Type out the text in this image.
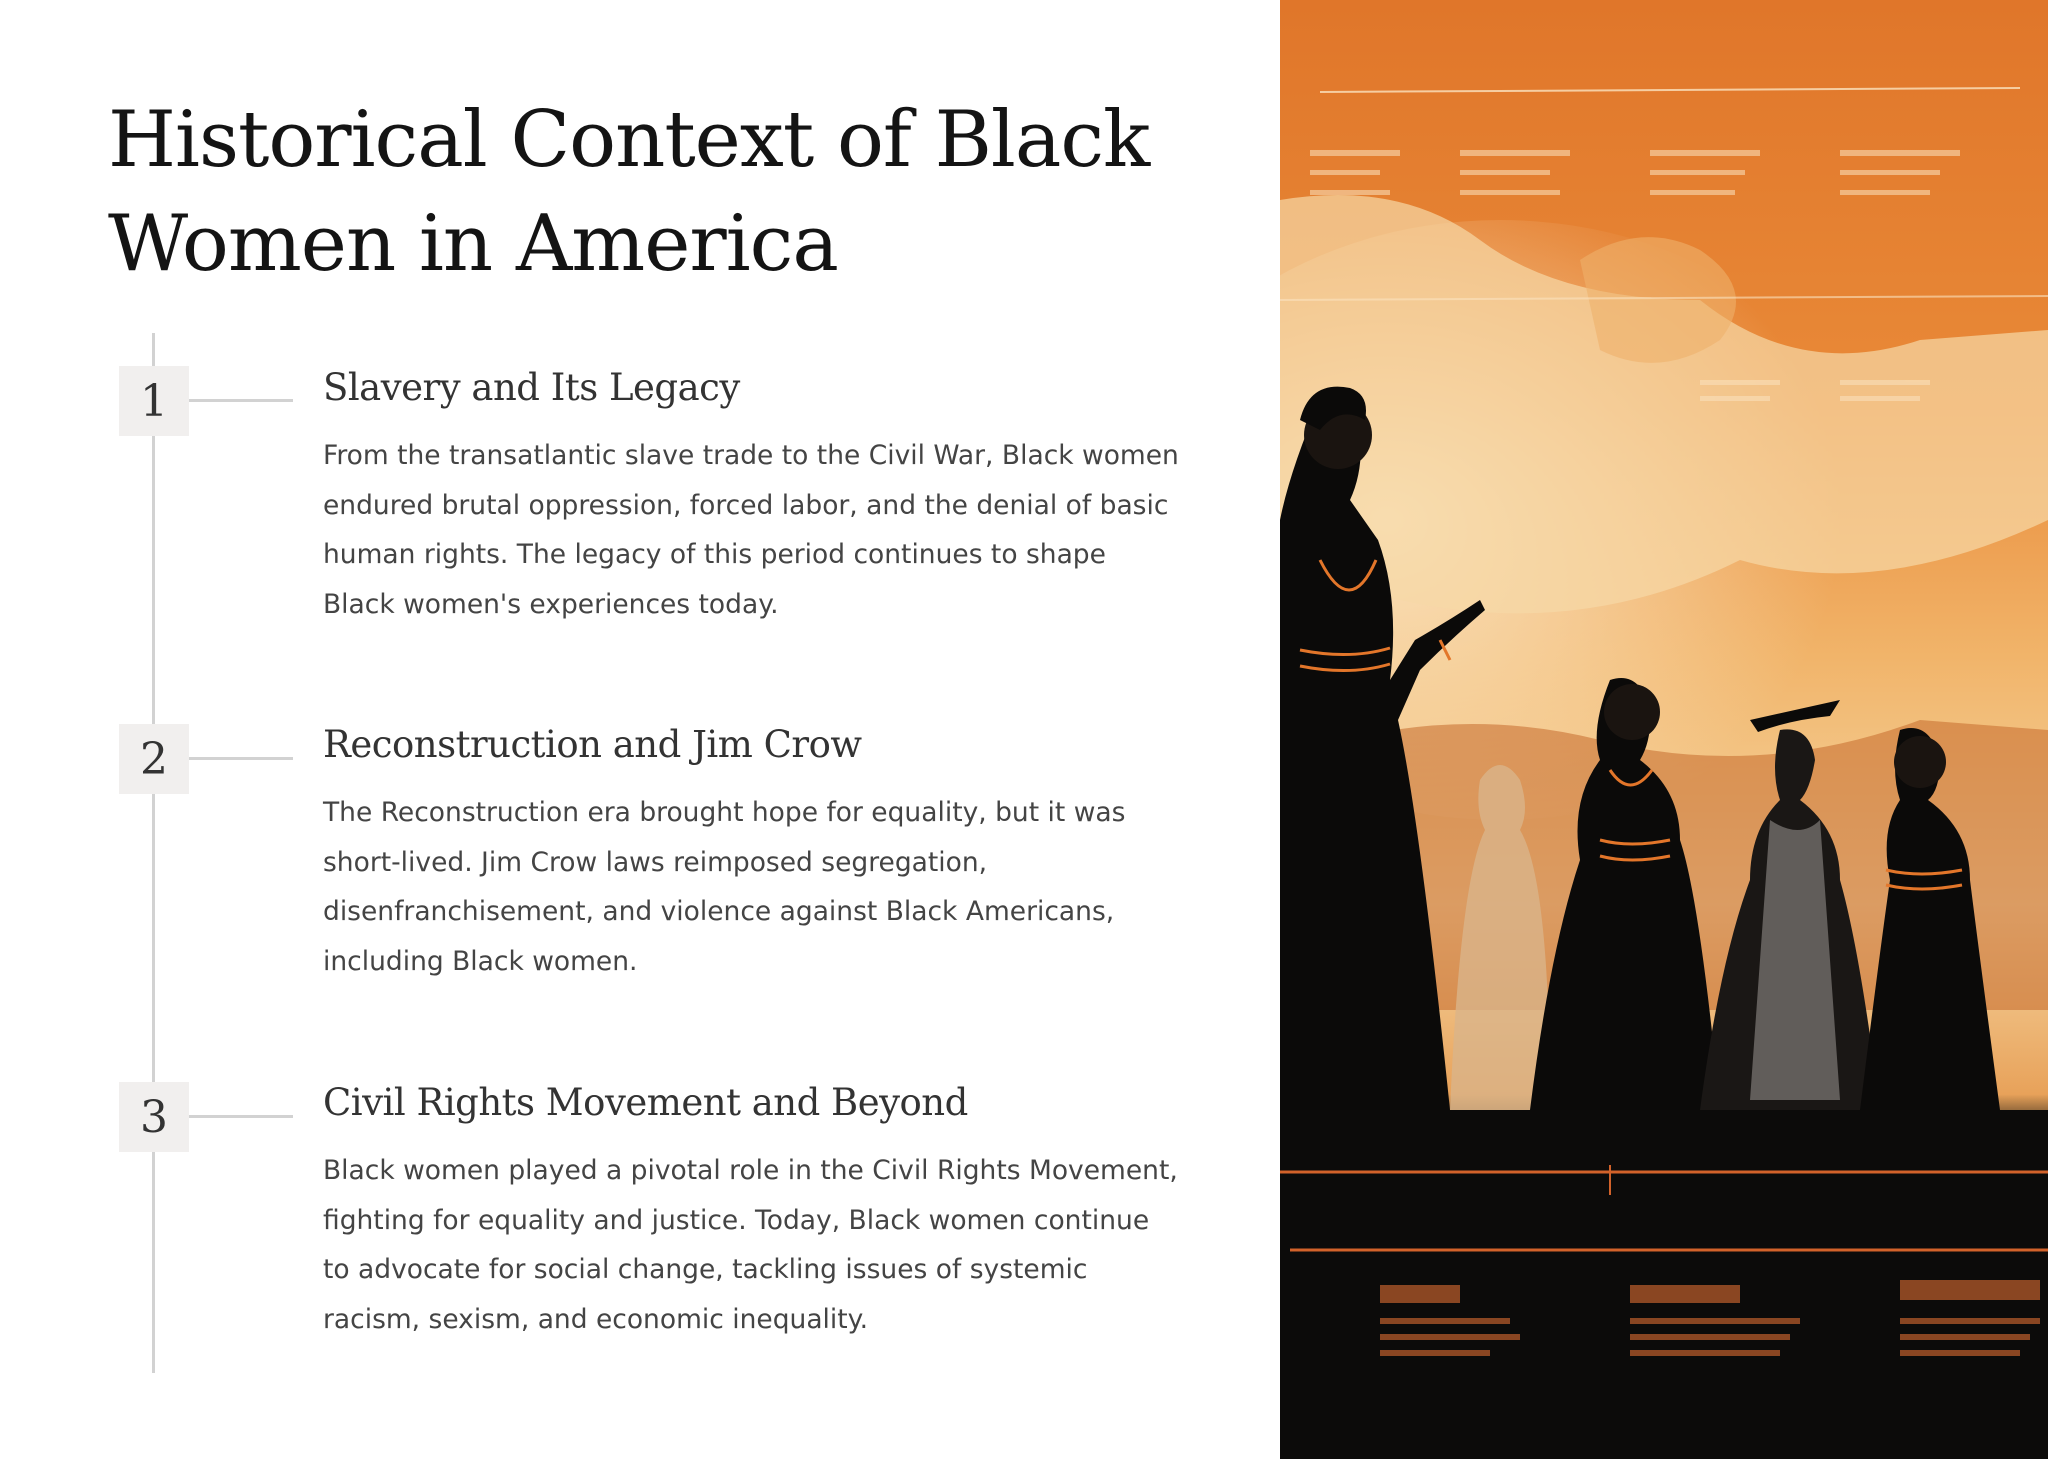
Historical Context of Black
Women in America
1	Slavery and Its Legacy

From the transatlantic slave trade to the Civil War, Black women endured brutal oppression, forced labor, and the denial of basic human rights. The legacy of this period continues to shape Black women's experiences today.

2	Reconstruction and Jim Crow

The Reconstruction era brought hope for equality, but it was short-lived. Jim Crow laws reimposed segregation, disenfranchisement, and violence against Black Americans, including Black women.

3	Civil Rights Movement and Beyond

Black women played a pivotal role in the Civil Rights Movement, fighting for equality and justice. Today, Black women continue to advocate for social change, tackling issues of systemic racism, sexism, and economic inequality.
